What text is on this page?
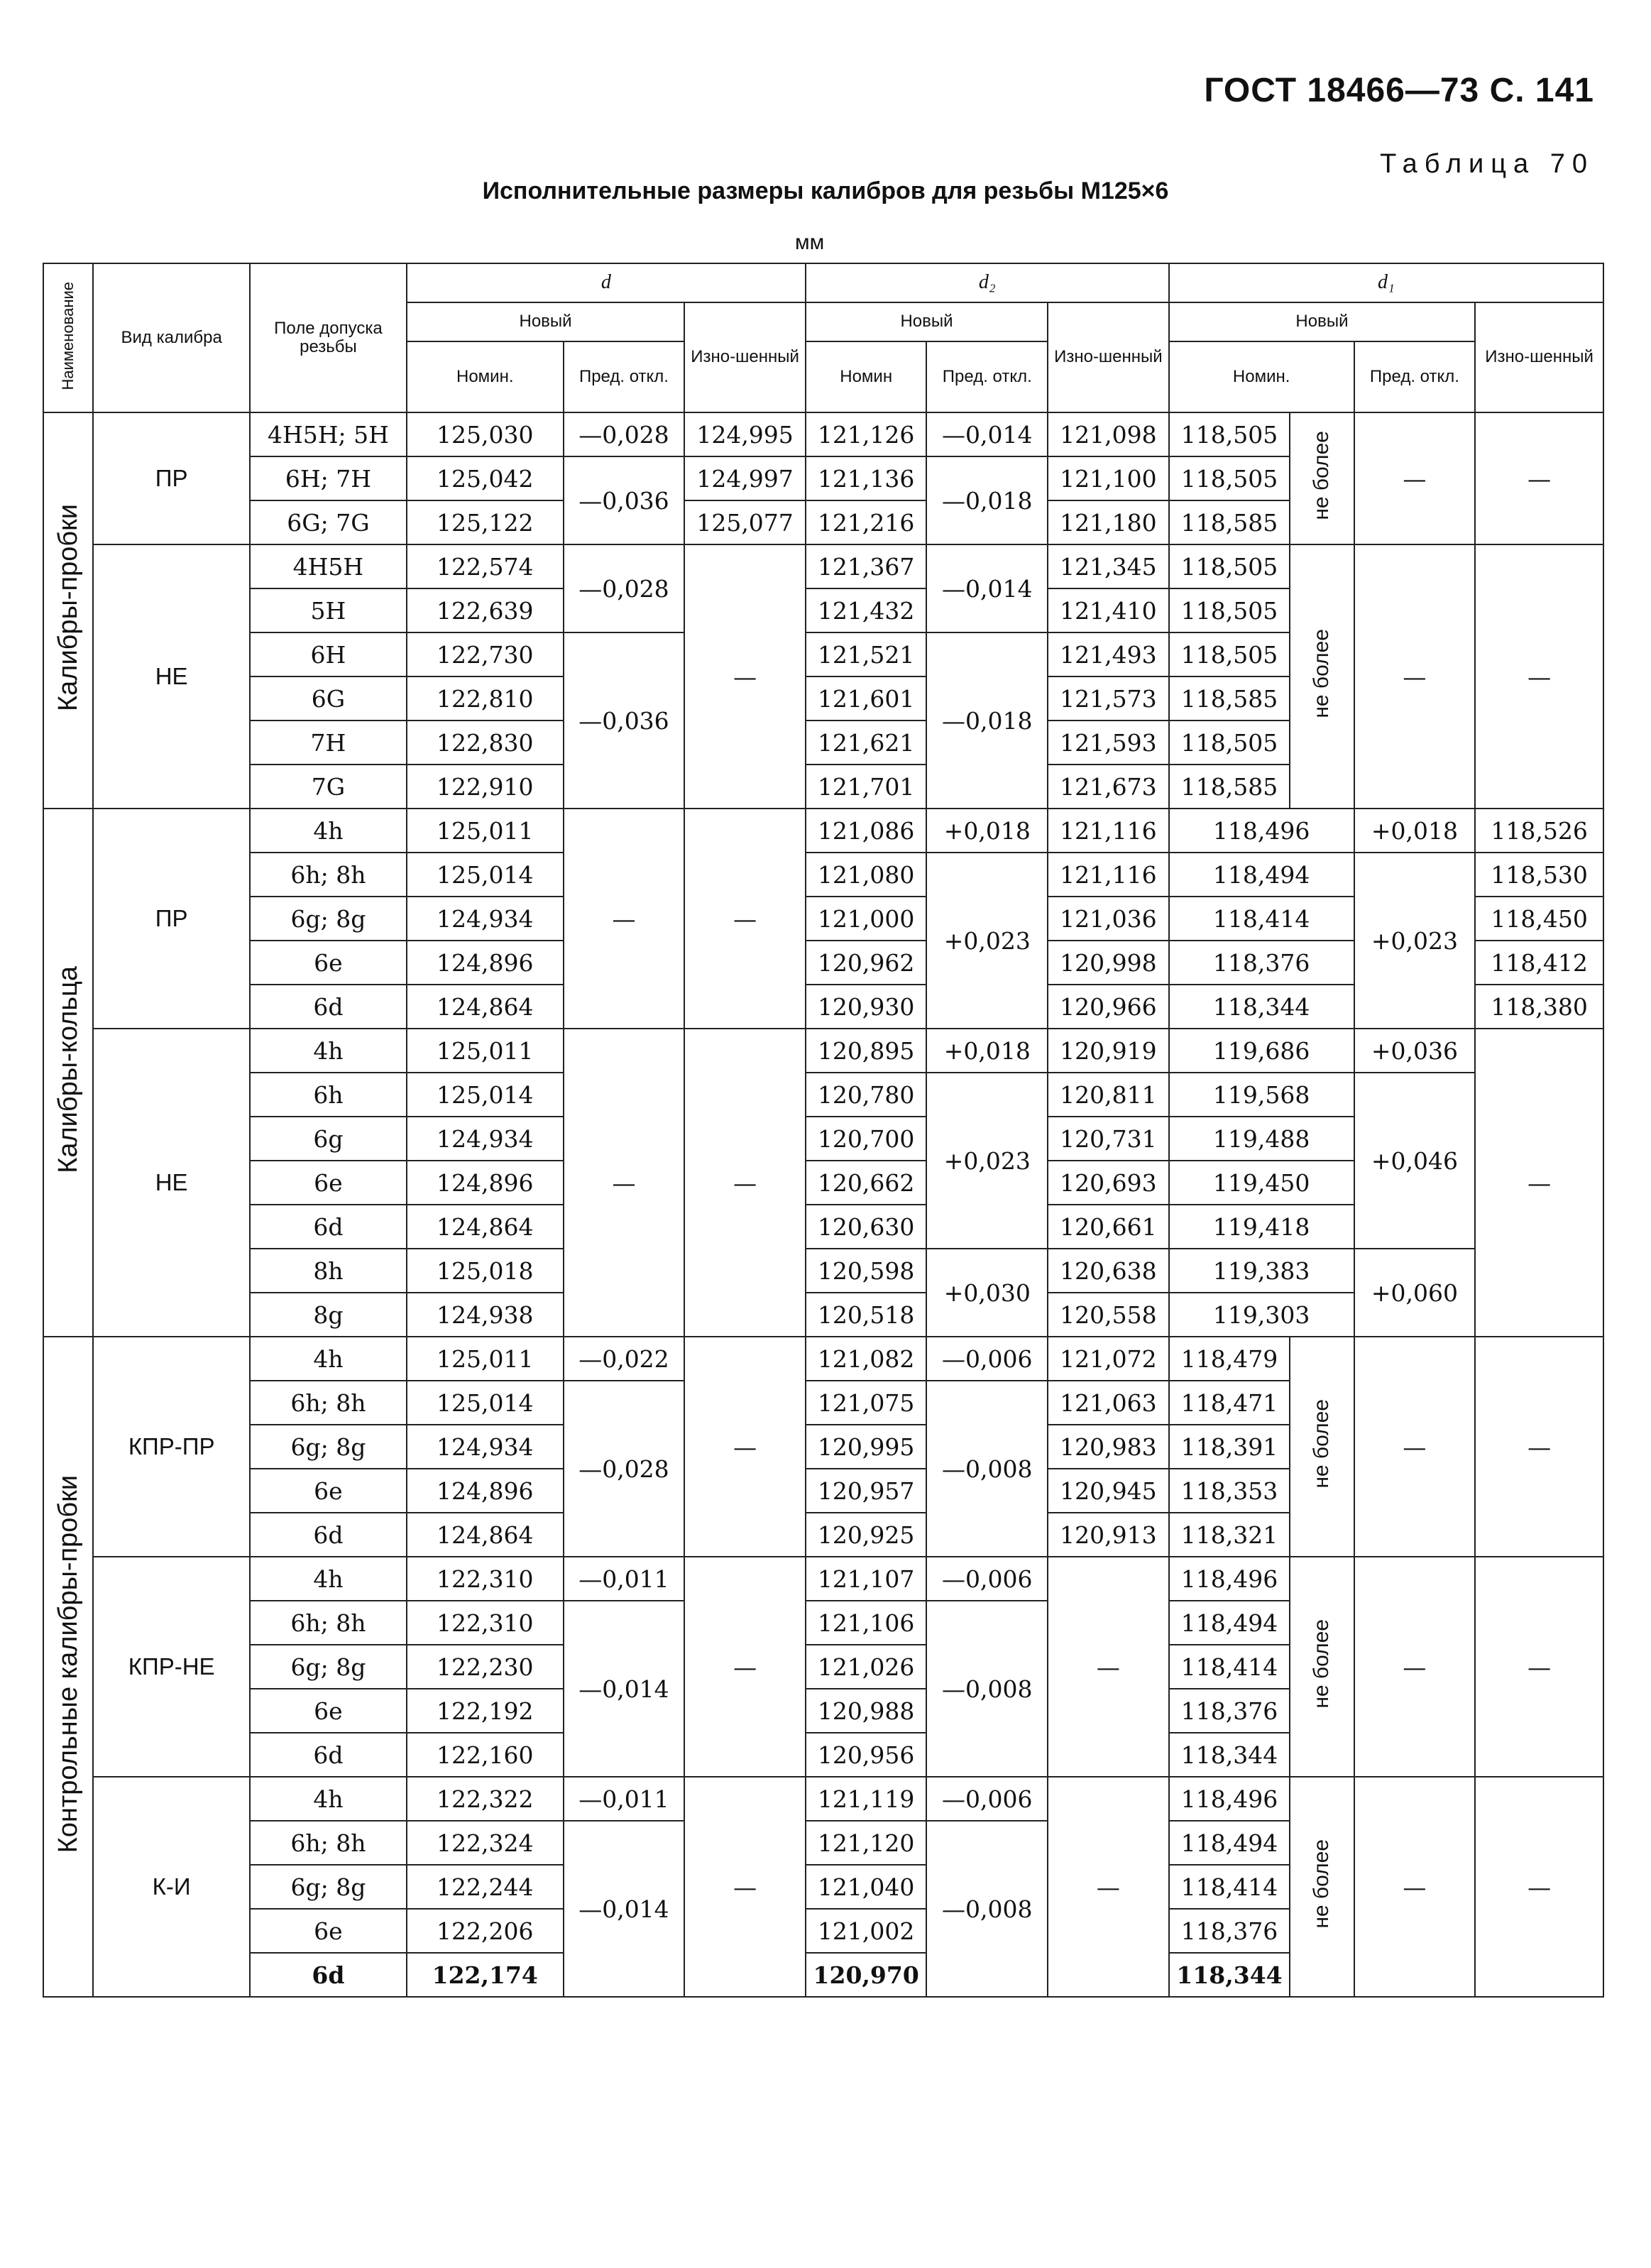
ГОСТ 18466—73 С. 141
Таблица 70
Исполнительные размеры калибров для резьбы М125×6
мм
Наименование	Вид калибра	Поле допуска резьбы	d			d₂			d₁			
			Новый		Изно-шенный	Новый		Изно-шенный	Новый			Изно-шенный
			Номин.	Пред. откл.		Номин	Пред. откл.		Номин.		Пред. откл.	
Калибры-пробки	ПР	4H5H; 5H	125,030	—0,028	124,995	121,126	—0,014	121,098	118,505	не более	—	—
		6H; 7H	125,042	—0,036	124,997	121,136	—0,018	121,100	118,505			
		6G; 7G	125,122		125,077	121,216		121,180	118,585			
	НЕ	4H5H	122,574	—0,028	—	121,367	—0,014	121,345	118,505	не более	—	—
		5H	122,639			121,432		121,410	118,505			
		6H	122,730	—0,036		121,521	—0,018	121,493	118,505			
		6G	122,810			121,601		121,573	118,585			
		7H	122,830			121,621		121,593	118,505			
		7G	122,910			121,701		121,673	118,585			
Калибры-кольца	ПР	4h	125,011	—	—	121,086	+0,018	121,116	118,496		+0,018	118,526
		6h; 8h	125,014			121,080	+0,023	121,116	118,494		+0,023	118,530
		6g; 8g	124,934			121,000		121,036	118,414			118,450
		6e	124,896			120,962		120,998	118,376			118,412
		6d	124,864			120,930		120,966	118,344			118,380
	НЕ	4h	125,011	—	—	120,895	+0,018	120,919	119,686		+0,036	—
		6h	125,014			120,780	+0,023	120,811	119,568		+0,046	
		6g	124,934			120,700		120,731	119,488			
		6e	124,896			120,662		120,693	119,450			
		6d	124,864			120,630		120,661	119,418			
		8h	125,018			120,598	+0,030	120,638	119,383		+0,060	
		8g	124,938			120,518		120,558	119,303			
Контрольные калибры-пробки	КПР-ПР	4h	125,011	—0,022	—	121,082	—0,006	121,072	118,479	не более	—	—
		6h; 8h	125,014	—0,028		121,075	—0,008	121,063	118,471			
		6g; 8g	124,934			120,995		120,983	118,391			
		6e	124,896			120,957		120,945	118,353			
		6d	124,864			120,925		120,913	118,321			
	КПР-НЕ	4h	122,310	—0,011	—	121,107	—0,006	—	118,496	не более	—	—
		6h; 8h	122,310	—0,014		121,106	—0,008		118,494			
		6g; 8g	122,230			121,026			118,414			
		6e	122,192			120,988			118,376			
		6d	122,160			120,956			118,344			
	К-И	4h	122,322	—0,011	—	121,119	—0,006	—	118,496	не более	—	—
		6h; 8h	122,324	—0,014		121,120	—0,008		118,494			
		6g; 8g	122,244			121,040			118,414			
		6e	122,206			121,002			118,376			
		6d	122,174			120,970			118,344			
